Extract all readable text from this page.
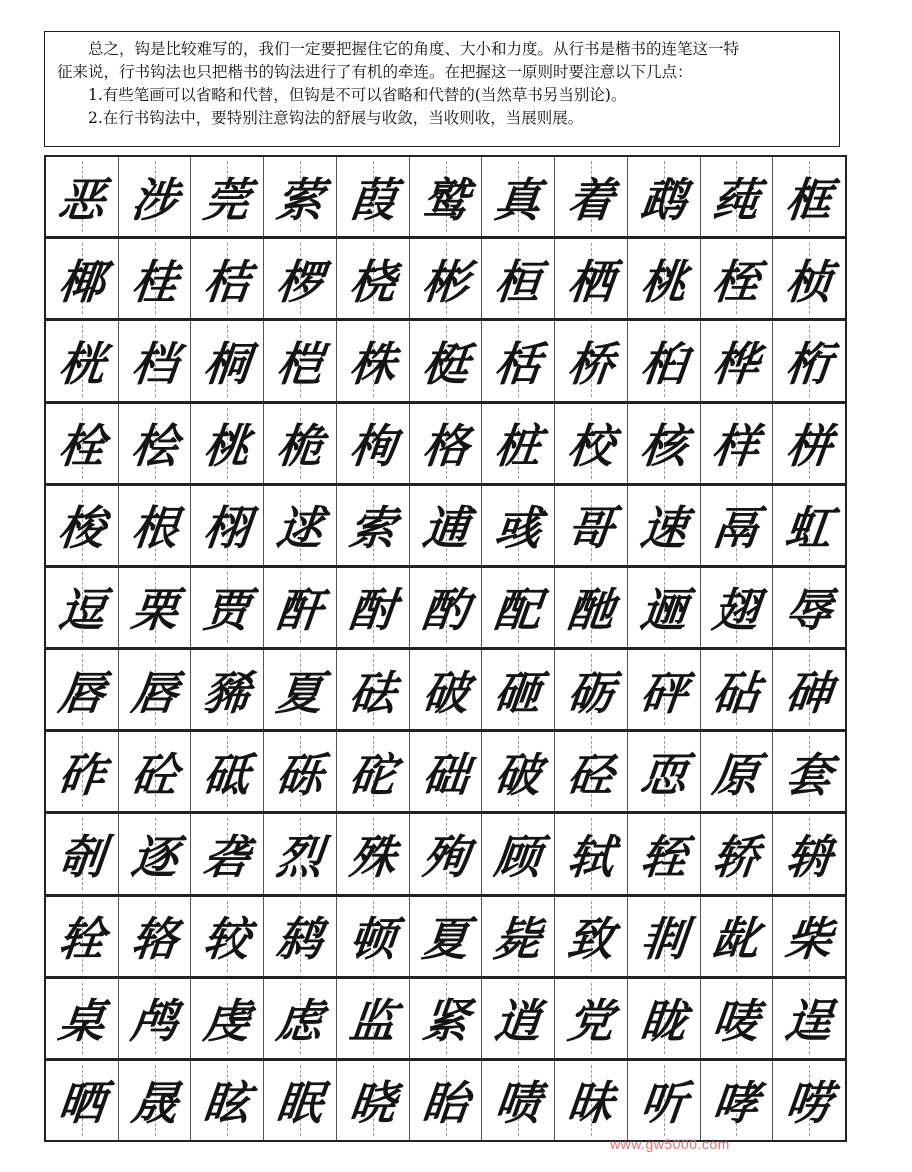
总之，钩是比较难写的，我们一定要把握住它的角度、大小和力度。从行书是楷书的连笔这一特

征来说，行书钩法也只把楷书的钩法进行了有机的牵连。在把握这一原则时要注意以下几点：

1.有些笔画可以省略和代替，但钩是不可以省略和代替的(当然草书另当别论)。

2.在行书钩法中，要特别注意钩法的舒展与收敛，当收则收，当展则展。

恶 涉 莞 萦 葭 鹫 真 着 鹉 莼 框
椰 桂 桔 椤 桡 彬 桓 栖 桃 桎 桢
桄 档 桐 桤 株 梃 栝 桥 桕 桦 桁
栓 桧 桃 桅 栒 格 桩 校 核 样 栟
梭 根 栩 逑 索 逋 彧 哥 速 鬲 虹
逗 栗 贾 酐 酎 酌 配 酏 逦 翅 辱
唇 唇 豨 夏 砝 破 砸 砺 砰 砧 砷
砟 砼 砥 砾 砣 础 破 硁 恧 原 套
剞 逐 砻 烈 殊 殉 顾 轼 轾 轿 辀
辁 辂 较 鸫 顿 夏 毙 致 剕 龀 柴
桌 鸬 虔 虑 监 紧 逍 党 眬 唛 逞
晒 晟 眩 眠 晓 眙 啧 昧 听 哮 唠
www.gw5000.com
